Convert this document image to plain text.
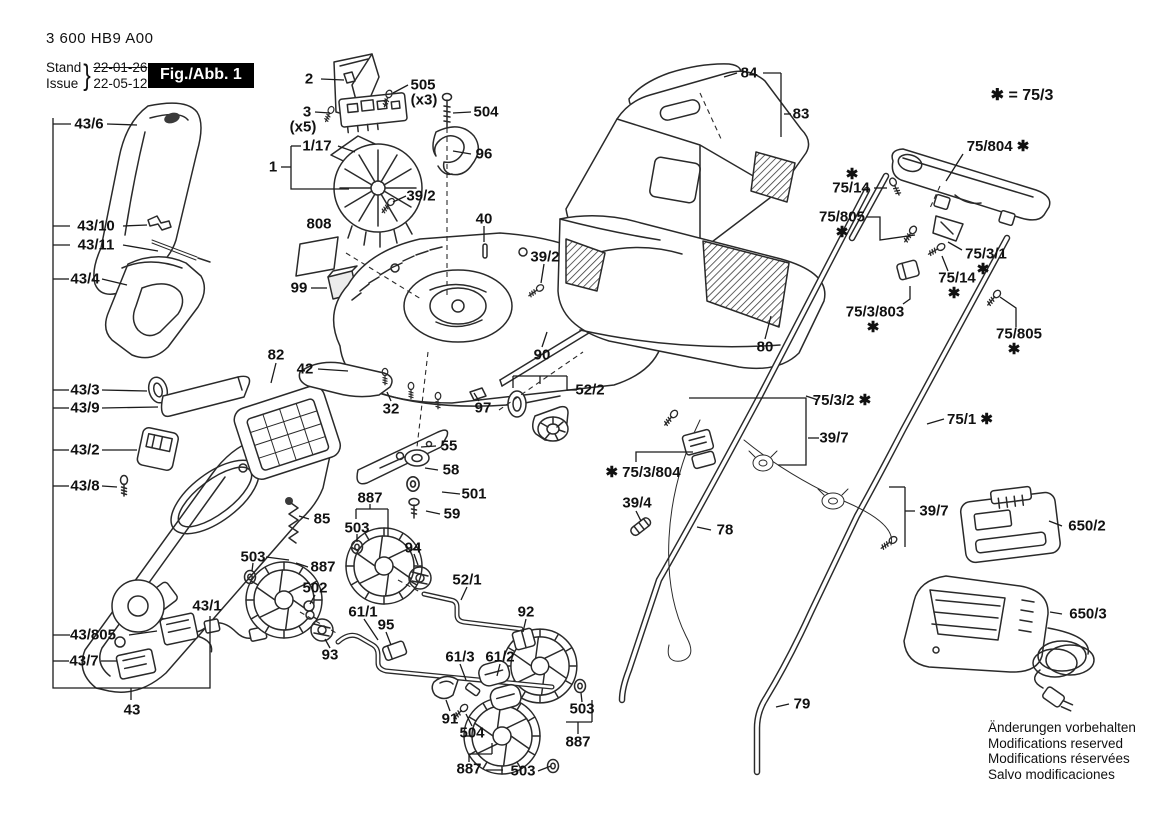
3 600 HB9 A00
Stand
Issue } 22-01-26
22-05-12
Fig./Abb. 1
✱ = 75/3
2	505
(x3)
3
(x5)
504
1/17	96
1
39/2
808	40
39/2
99
82
42
90
32	97
52/2
55
58
501
59
85
887
503
94
503
887
502
61/1
95
93
52/1
92
61/3 61/2
91
504
503
887
887 503
84
83
80
75/804 ✱
✱
75/14
75/805
✱
75/3/1
✱
75/14
✱
75/3/803
✱	75/805
✱
75/3/2 ✱
75/1 ✱
39/7
✱ 75/3/804
39/4
78
39/7
650/2
650/3
79
43/6
43/10
43/11
43/4
43/3
43/9
43/2
43/8
43/805
43/7
43
43/1
Änderungen vorbehalten
Modifications reserved
Modifications réservées
Salvo modificaciones
